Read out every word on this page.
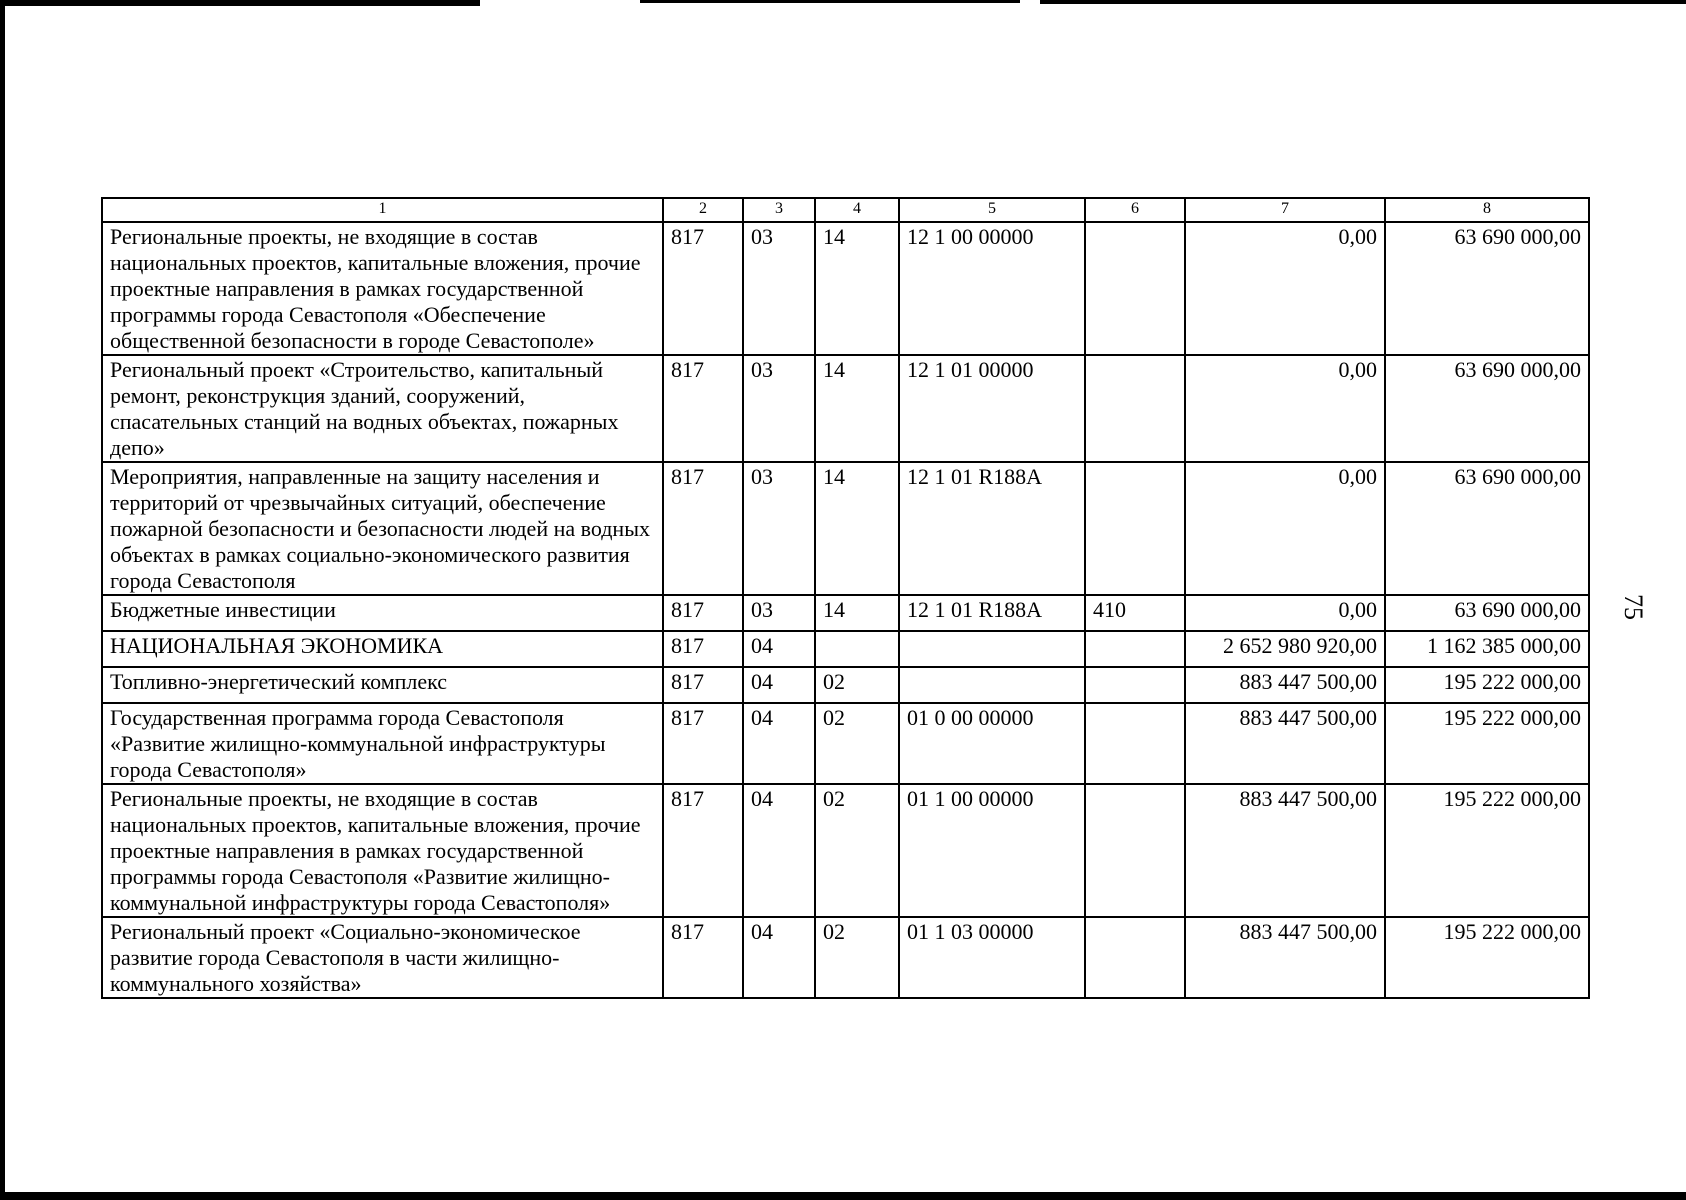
1	2	3	4	5	6	7	8
Региональные проекты, не входящие в состав национальных проектов, капитальные вложения, прочие проектные направления в рамках государственной программы города Севастополя «Обеспечение общественной безопасности в городе Севастополе»	817	03	14	12 1 00 00000		0,00	63 690 000,00
Региональный проект «Строительство, капитальный ремонт, реконструкция зданий, сооружений, спасательных станций на водных объектах, пожарных депо»	817	03	14	12 1 01 00000		0,00	63 690 000,00
Мероприятия, направленные на защиту населения и территорий от чрезвычайных ситуаций, обеспечение пожарной безопасности и безопасности людей на водных объектах в рамках социально-экономического развития города Севастополя	817	03	14	12 1 01 R188A		0,00	63 690 000,00
Бюджетные инвестиции	817	03	14	12 1 01 R188A	410	0,00	63 690 000,00
НАЦИОНАЛЬНАЯ ЭКОНОМИКА	817	04				2 652 980 920,00	1 162 385 000,00
Топливно-энергетический комплекс	817	04	02			883 447 500,00	195 222 000,00
Государственная программа города Севастополя «Развитие жилищно-коммунальной инфраструктуры города Севастополя»	817	04	02	01 0 00 00000		883 447 500,00	195 222 000,00
Региональные проекты, не входящие в состав национальных проектов, капитальные вложения, прочие проектные направления в рамках государственной программы города Севастополя «Развитие жилищно-коммунальной инфраструктуры города Севастополя»	817	04	02	01 1 00 00000		883 447 500,00	195 222 000,00
Региональный проект «Социально-экономическое развитие города Севастополя в части жилищно-коммунального хозяйства»	817	04	02	01 1 03 00000		883 447 500,00	195 222 000,00
75
